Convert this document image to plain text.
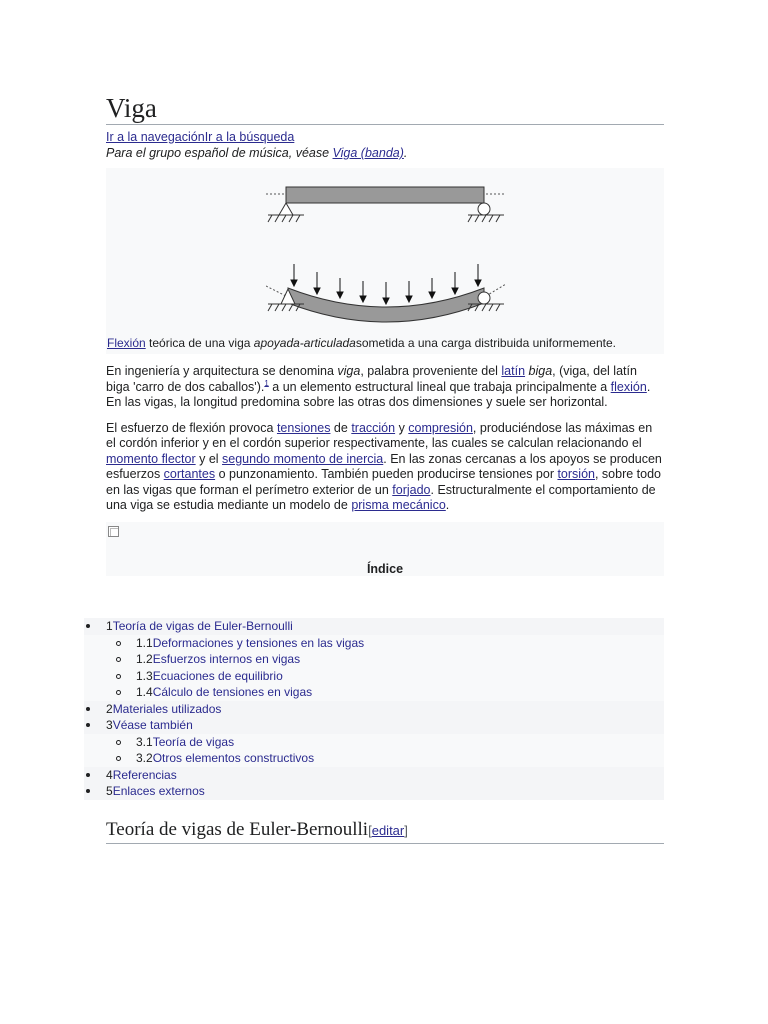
Viga
Ir a la navegaciónIr a la búsqueda
Para el grupo español de música, véase Viga (banda).
Flexión teórica de una viga apoyada-articuladasometida a una carga distribuida uniformemente.

En ingeniería y arquitectura se denomina viga, palabra proveniente del latín biga, (viga, del latín biga 'carro de dos caballos').$^1$ a un elemento estructural lineal que trabaja principalmente a flexión. En las vigas, la longitud predomina sobre las otras dos dimensiones y suele ser horizontal.

El esfuerzo de flexión provoca tensiones de tracción y compresión, produciéndose las máximas en el cordón inferior y en el cordón superior respectivamente, las cuales se calculan relacionando el momento flector y el segundo momento de inercia. En las zonas cercanas a los apoyos se producen esfuerzos cortantes o punzonamiento. También pueden producirse tensiones por torsión, sobre todo en las vigas que forman el perímetro exterior de un forjado. Estructuralmente el comportamiento de una viga se estudia mediante un modelo de prisma mecánico.

Índice
1Teoría de vigas de Euler-Bernoulli
1.1Deformaciones y tensiones en las vigas
1.2Esfuerzos internos en vigas
1.3Ecuaciones de equilibrio
1.4Cálculo de tensiones en vigas
2Materiales utilizados
3Véase también
3.1Teoría de vigas
3.2Otros elementos constructivos
4Referencias
5Enlaces externos
Teoría de vigas de Euler-Bernoulli[editar]
